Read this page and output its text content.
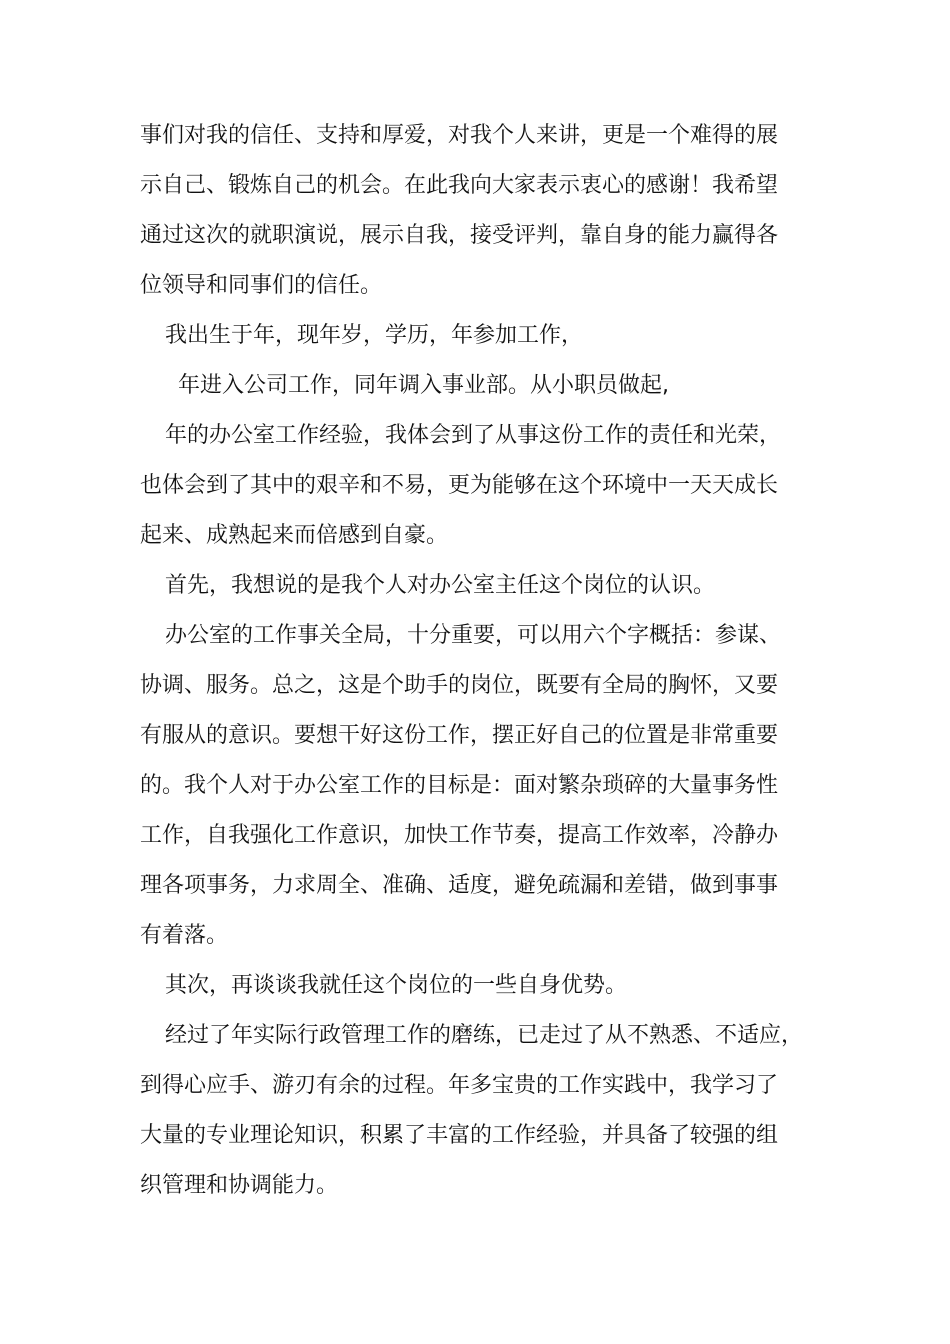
事们对我的信任、支持和厚爱，对我个人来讲，更是一个难得的展

示自己、锻炼自己的机会。在此我向大家表示衷心的感谢！我希望

通过这次的就职演说，展示自我，接受评判，靠自身的能力赢得各

位领导和同事们的信任。

我出生于年，现年岁，学历，年参加工作，

年进入公司工作，同年调入事业部。从小职员做起,

年的办公室工作经验，我体会到了从事这份工作的责任和光荣，

也体会到了其中的艰辛和不易，更为能够在这个环境中一天天成长

起来、成熟起来而倍感到自豪。

首先，我想说的是我个人对办公室主任这个岗位的认识。

办公室的工作事关全局，十分重要，可以用六个字概括：参谋、

协调、服务。总之，这是个助手的岗位，既要有全局的胸怀，又要

有服从的意识。要想干好这份工作，摆正好自己的位置是非常重要

的。我个人对于办公室工作的目标是：面对繁杂琐碎的大量事务性

工作，自我强化工作意识，加快工作节奏，提高工作效率，冷静办

理各项事务，力求周全、准确、适度，避免疏漏和差错，做到事事

有着落。

其次，再谈谈我就任这个岗位的一些自身优势。

经过了年实际行政管理工作的磨练，已走过了从不熟悉、不适应，

到得心应手、游刃有余的过程。年多宝贵的工作实践中，我学习了

大量的专业理论知识，积累了丰富的工作经验，并具备了较强的组

织管理和协调能力。
